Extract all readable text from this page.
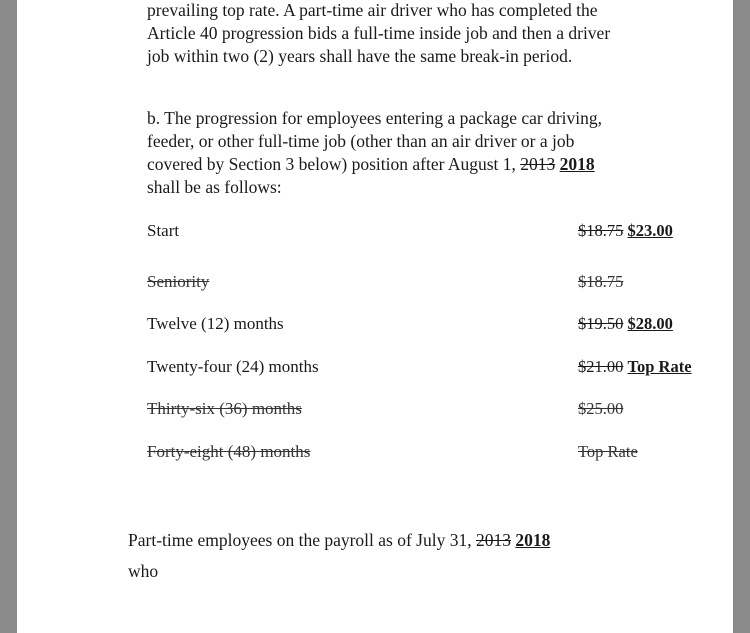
prevailing top rate. A part-time air driver who has completed the Article 40 progression bids a full-time inside job and then a driver job within two (2) years shall have the same break-in period.

b. The progression for employees entering a package car driving, feeder, or other full-time job (other than an air driver or a job covered by Section 3 below) position after August 1, 2013 2018 shall be as follows:

Start	$18.75 $23.00
Seniority	$18.75
Twelve (12) months	$19.50 $28.00
Twenty-four (24) months	$21.00 Top Rate
Thirty-six (36) months	$25.00
Forty-eight (48) months	Top Rate

Part-time employees on the payroll as of July 31, 2013 2018
who
